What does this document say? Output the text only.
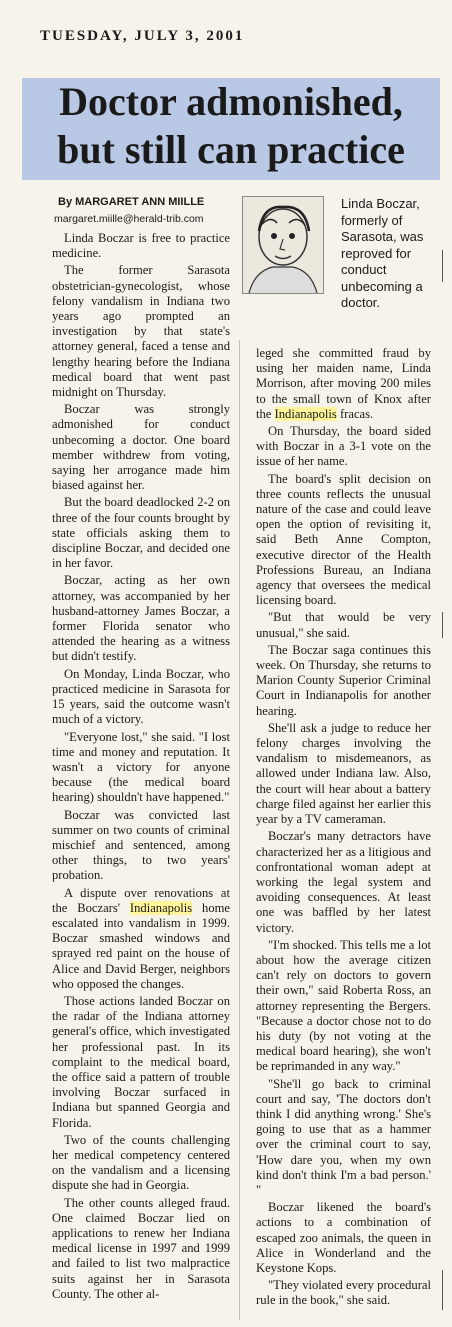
TUESDAY, JULY 3, 2001
Doctor admonished,
but still can practice
By MARGARET ANN MIILLE
margaret.miille@herald-trib.com
Linda Boczar, formerly of Sarasota, was reproved for conduct unbecoming a doctor.

Linda Boczar is free to practice medicine.

The former Sarasota obstetrician-gynecologist, whose felony vandalism in Indiana two years ago prompted an investigation by that state's attorney general, faced a tense and lengthy hearing before the Indiana medical board that went past midnight on Thursday.

Boczar was strongly admonished for conduct unbecoming a doctor. One board member withdrew from voting, saying her arrogance made him biased against her.

But the board deadlocked 2-2 on three of the four counts brought by state officials asking them to discipline Boczar, and decided one in her favor.

Boczar, acting as her own attorney, was accompanied by her husband-attorney James Boczar, a former Florida senator who attended the hearing as a witness but didn't testify.

On Monday, Linda Boczar, who practiced medicine in Sarasota for 15 years, said the outcome wasn't much of a victory.

"Everyone lost," she said. "I lost time and money and reputation. It wasn't a victory for anyone because (the medical board hearing) shouldn't have happened."

Boczar was convicted last summer on two counts of criminal mischief and sentenced, among other things, to two years' probation.

A dispute over renovations at the Boczars' Indianapolis home escalated into vandalism in 1999. Boczar smashed windows and sprayed red paint on the house of Alice and David Berger, neighbors who opposed the changes.

Those actions landed Boczar on the radar of the Indiana attorney general's office, which investigated her professional past. In its complaint to the medical board, the office said a pattern of trouble involving Boczar surfaced in Indiana but spanned Georgia and Florida.

Two of the counts challenging her medical competency centered on the vandalism and a licensing dispute she had in Georgia.

The other counts alleged fraud. One claimed Boczar lied on applications to renew her Indiana medical license in 1997 and 1999 and failed to list two malpractice suits against her in Sarasota County. The other al-

leged she committed fraud by using her maiden name, Linda Morrison, after moving 200 miles to the small town of Knox after the Indianapolis fracas.

On Thursday, the board sided with Boczar in a 3-1 vote on the issue of her name.

The board's split decision on three counts reflects the unusual nature of the case and could leave open the option of revisiting it, said Beth Anne Compton, executive director of the Health Professions Bureau, an Indiana agency that oversees the medical licensing board.

"But that would be very unusual," she said.

The Boczar saga continues this week. On Thursday, she returns to Marion County Superior Criminal Court in Indianapolis for another hearing.

She'll ask a judge to reduce her felony charges involving the vandalism to misdemeanors, as allowed under Indiana law. Also, the court will hear about a battery charge filed against her earlier this year by a TV cameraman.

Boczar's many detractors have characterized her as a litigious and confrontational woman adept at working the legal system and avoiding consequences. At least one was baffled by her latest victory.

"I'm shocked. This tells me a lot about how the average citizen can't rely on doctors to govern their own," said Roberta Ross, an attorney representing the Bergers. "Because a doctor chose not to do his duty (by not voting at the medical board hearing), she won't be reprimanded in any way."

"She'll go back to criminal court and say, 'The doctors don't think I did anything wrong.' She's going to use that as a hammer over the criminal court to say, 'How dare you, when my own kind don't think I'm a bad person.' "

Boczar likened the board's actions to a combination of escaped zoo animals, the queen in Alice in Wonderland and the Keystone Kops.

"They violated every procedural rule in the book," she said.
